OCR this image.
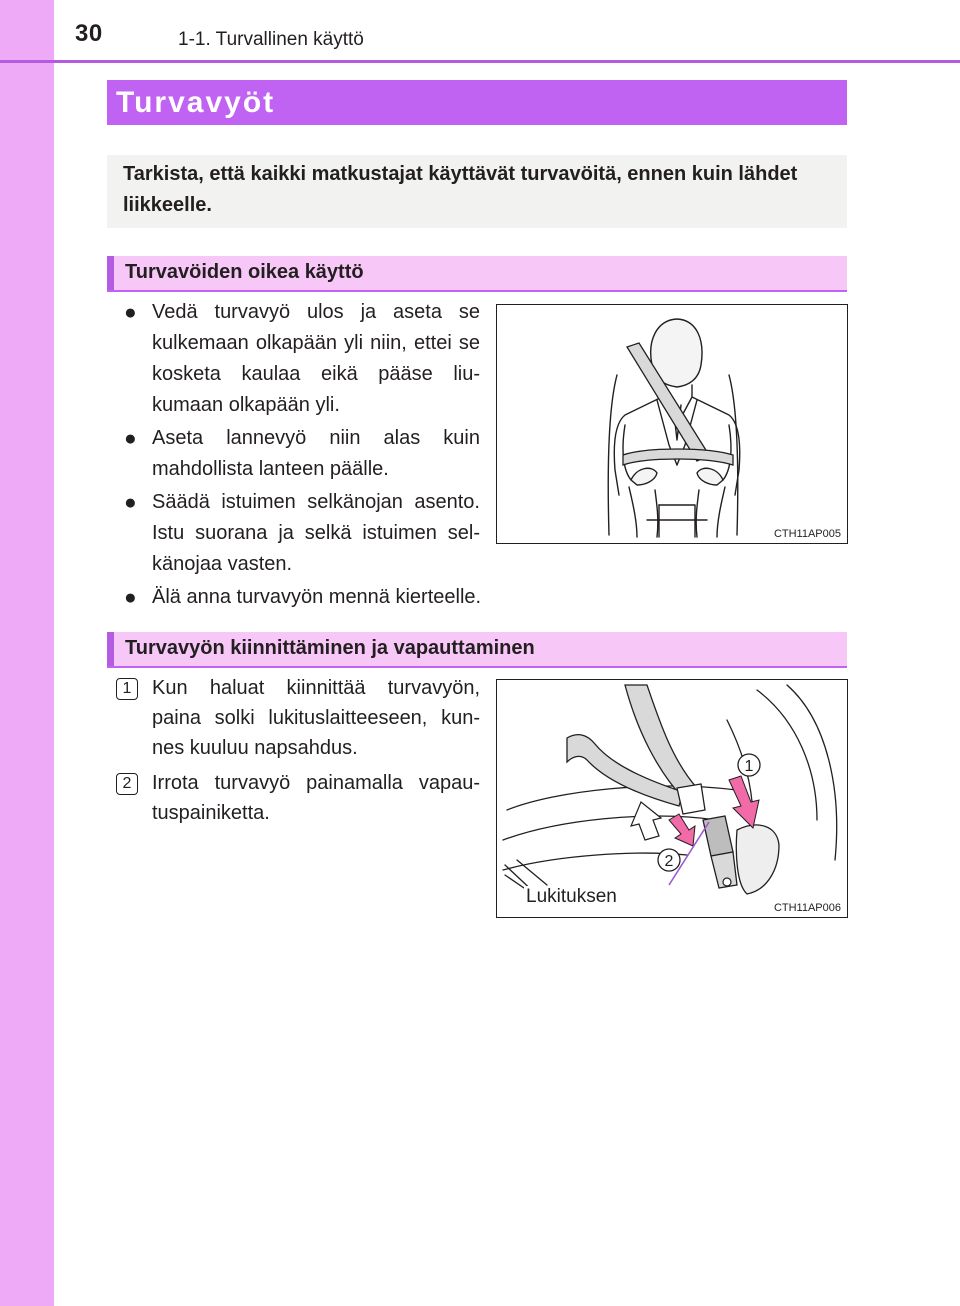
30	1-1. Turvallinen käyttö
Turvavyöt
Tarkista, että kaikki matkustajat käyttävät turvavöitä, ennen kuin lähdet liikkeelle.
Turvavöiden oikea käyttö
● Vedä turvavyö ulos ja aseta se kulkemaan olkapään yli niin, ettei se kosketa kaulaa eikä pääse liu-kumaan olkapään yli.
● Aseta lannevyö niin alas kuin mahdollista lanteen päälle.
● Säädä istuimen selkänojan asento. Istu suorana ja selkä istuimen sel-känojaa vasten.
● Älä anna turvavyön mennä kierteelle.
CTH11AP005
Turvavyön kiinnittäminen ja vapauttaminen
1	Kun haluat kiinnittää turvavyön, paina solki lukituslaitteeseen, kun-nes kuuluu napsahdus.
2	Irrota turvavyö painamalla vapau-tuspainiketta.
1
2
Lukituksen
CTH11AP006
